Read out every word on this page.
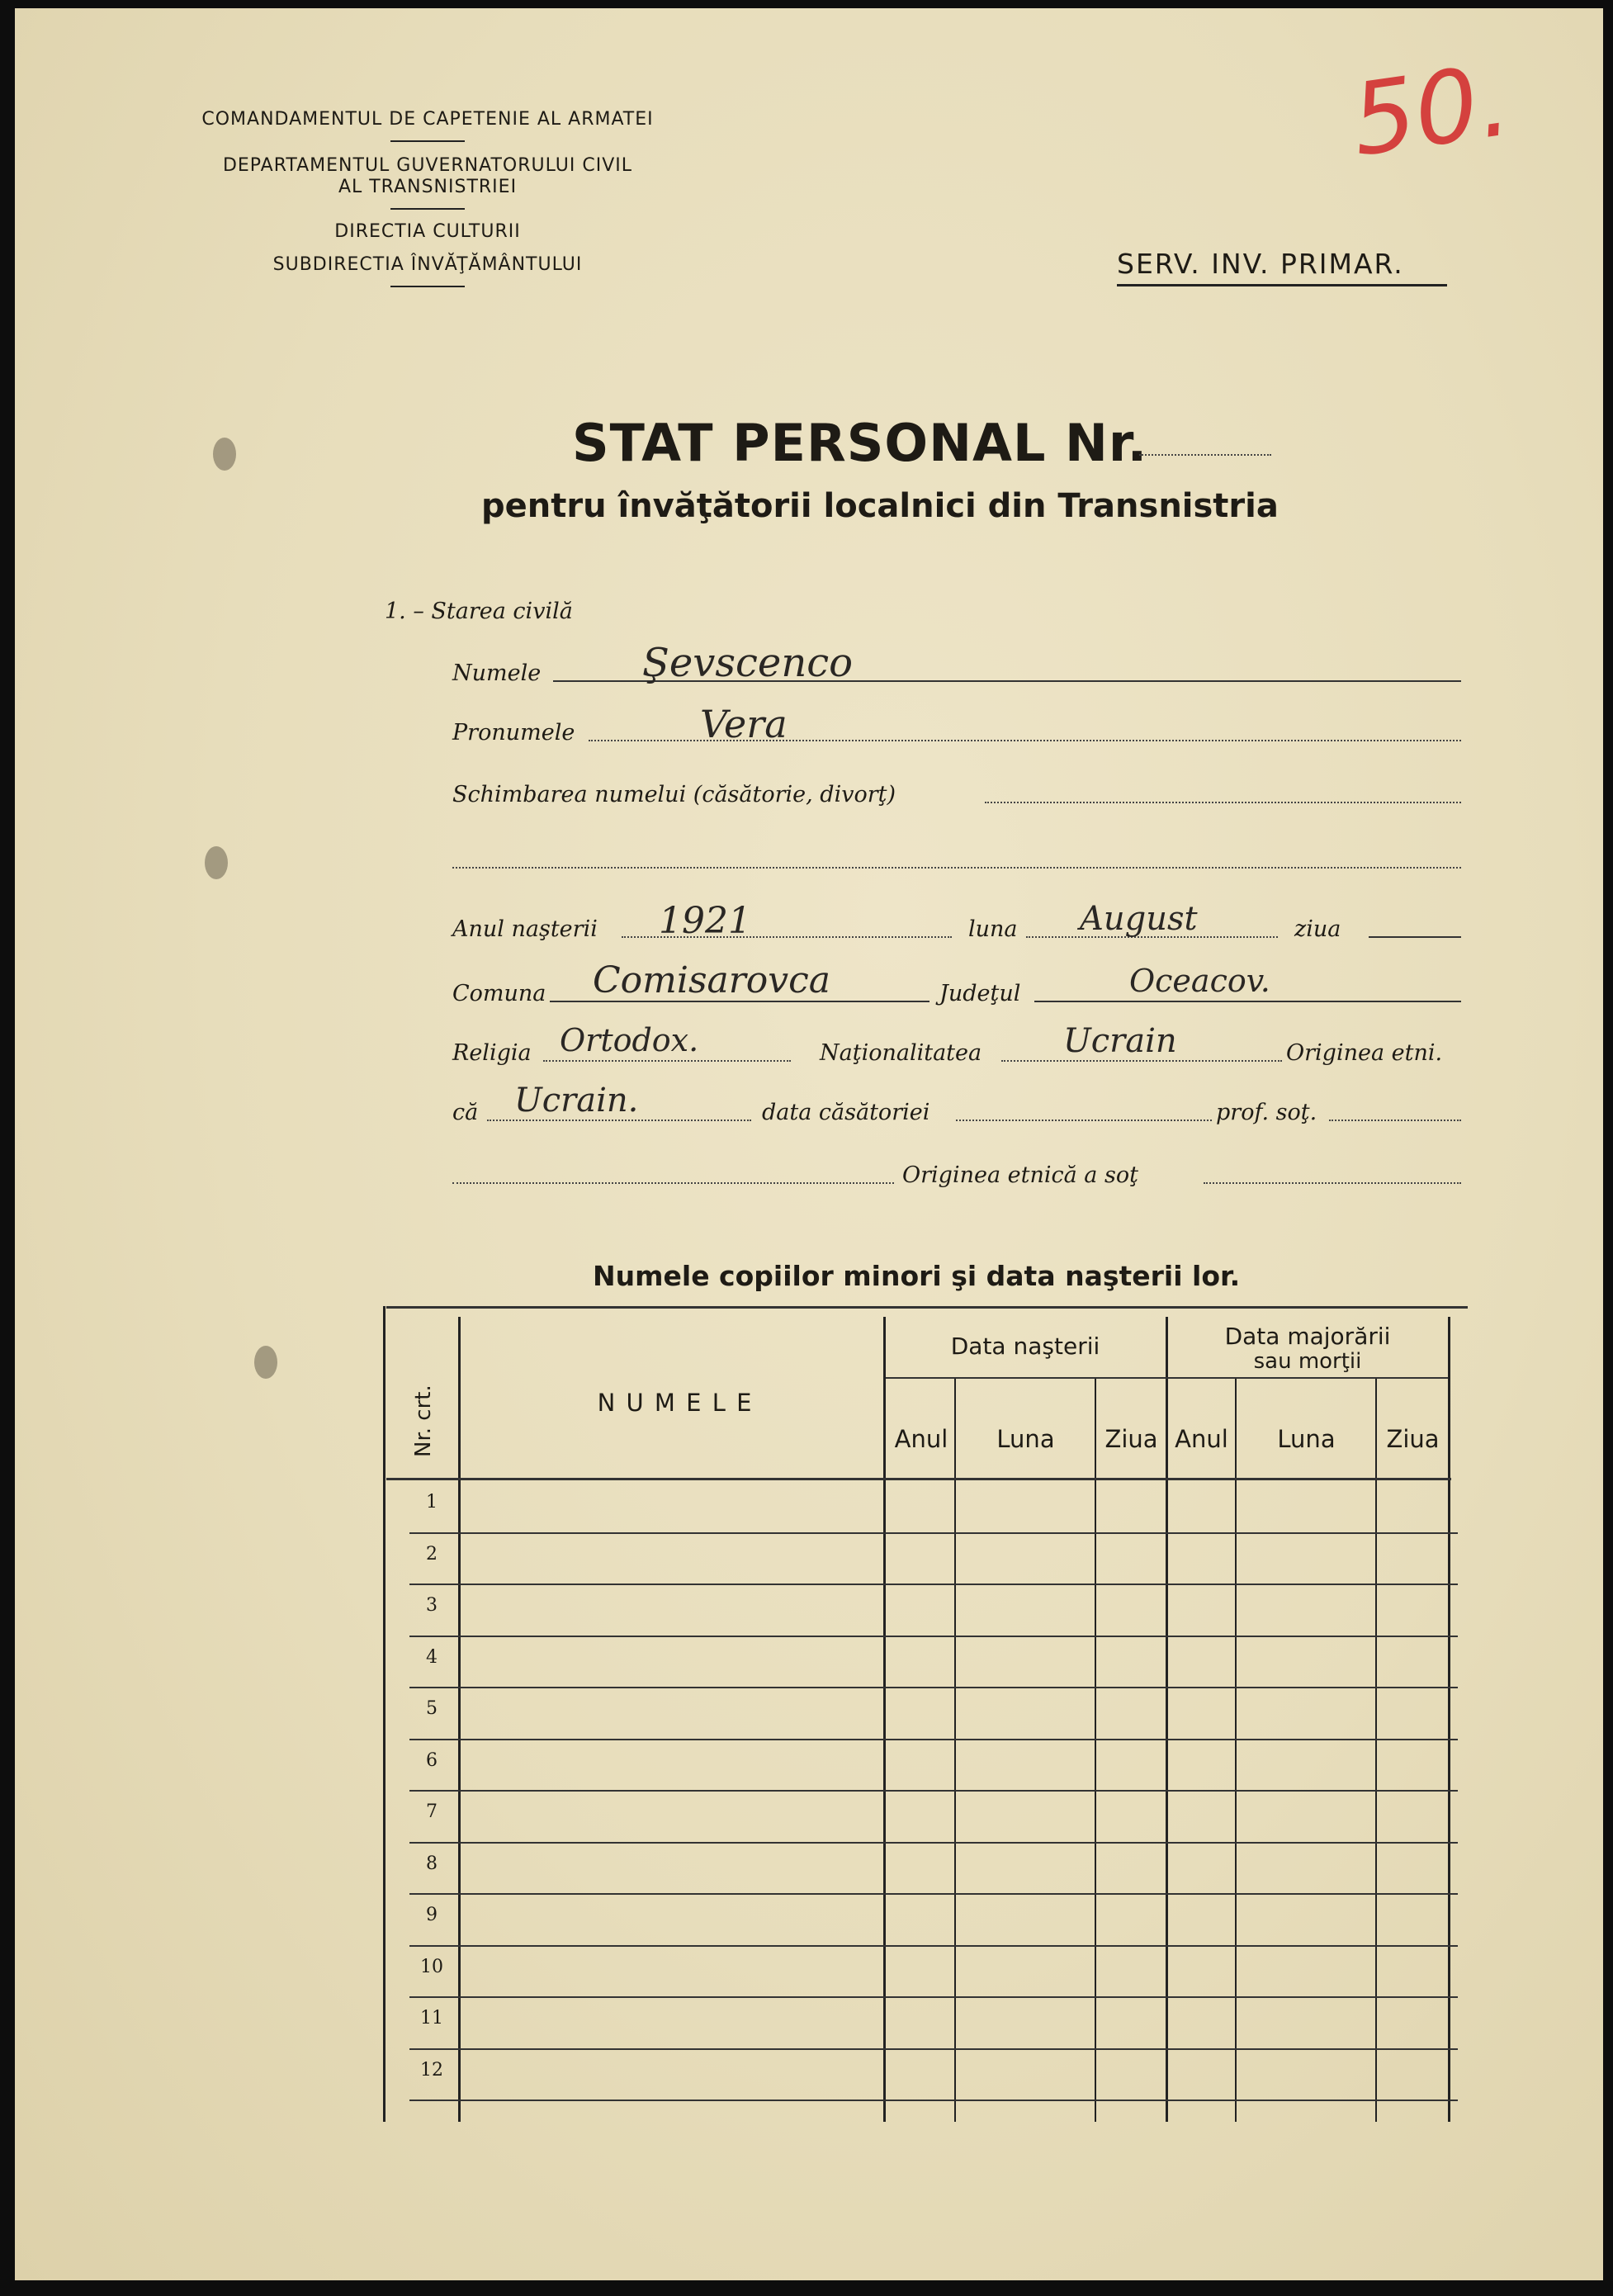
50.
COMANDAMENTUL DE CAPETENIE AL ARMATEI
DEPARTAMENTUL GUVERNATORULUI CIVIL
AL TRANSNISTRIEI
DIRECTIA CULTURII
SUBDIRECTIA ÎNVĂŢĂMÂNTULUI	SERV. INV. PRIMAR.
STAT PERSONAL Nr.
pentru învăţătorii localnici din Transnistria
1. – Starea civilă
Numele	Şevscenco
Pronumele	Vera
Schimbarea numelui (căsătorie, divorţ)
Anul naşterii 1921	luna August	ziua
Comuna Comisarovca	Judeţul	Oceacov.
Religia Ortodox.	Naţionalitatea Ucrain	Originea etni.
că Ucrain.	data căsătoriei	prof. soţ.
Originea etnică a soţ
Numele copiilor minori şi data naşterii lor.
Nr. crt.	N U M E L E
Data naşterii	Data majorării
sau morţii
Anul	Luna	Ziua Anul	Luna	Ziua
1
2
3
4
5
6
7
8
9
10
11
12
